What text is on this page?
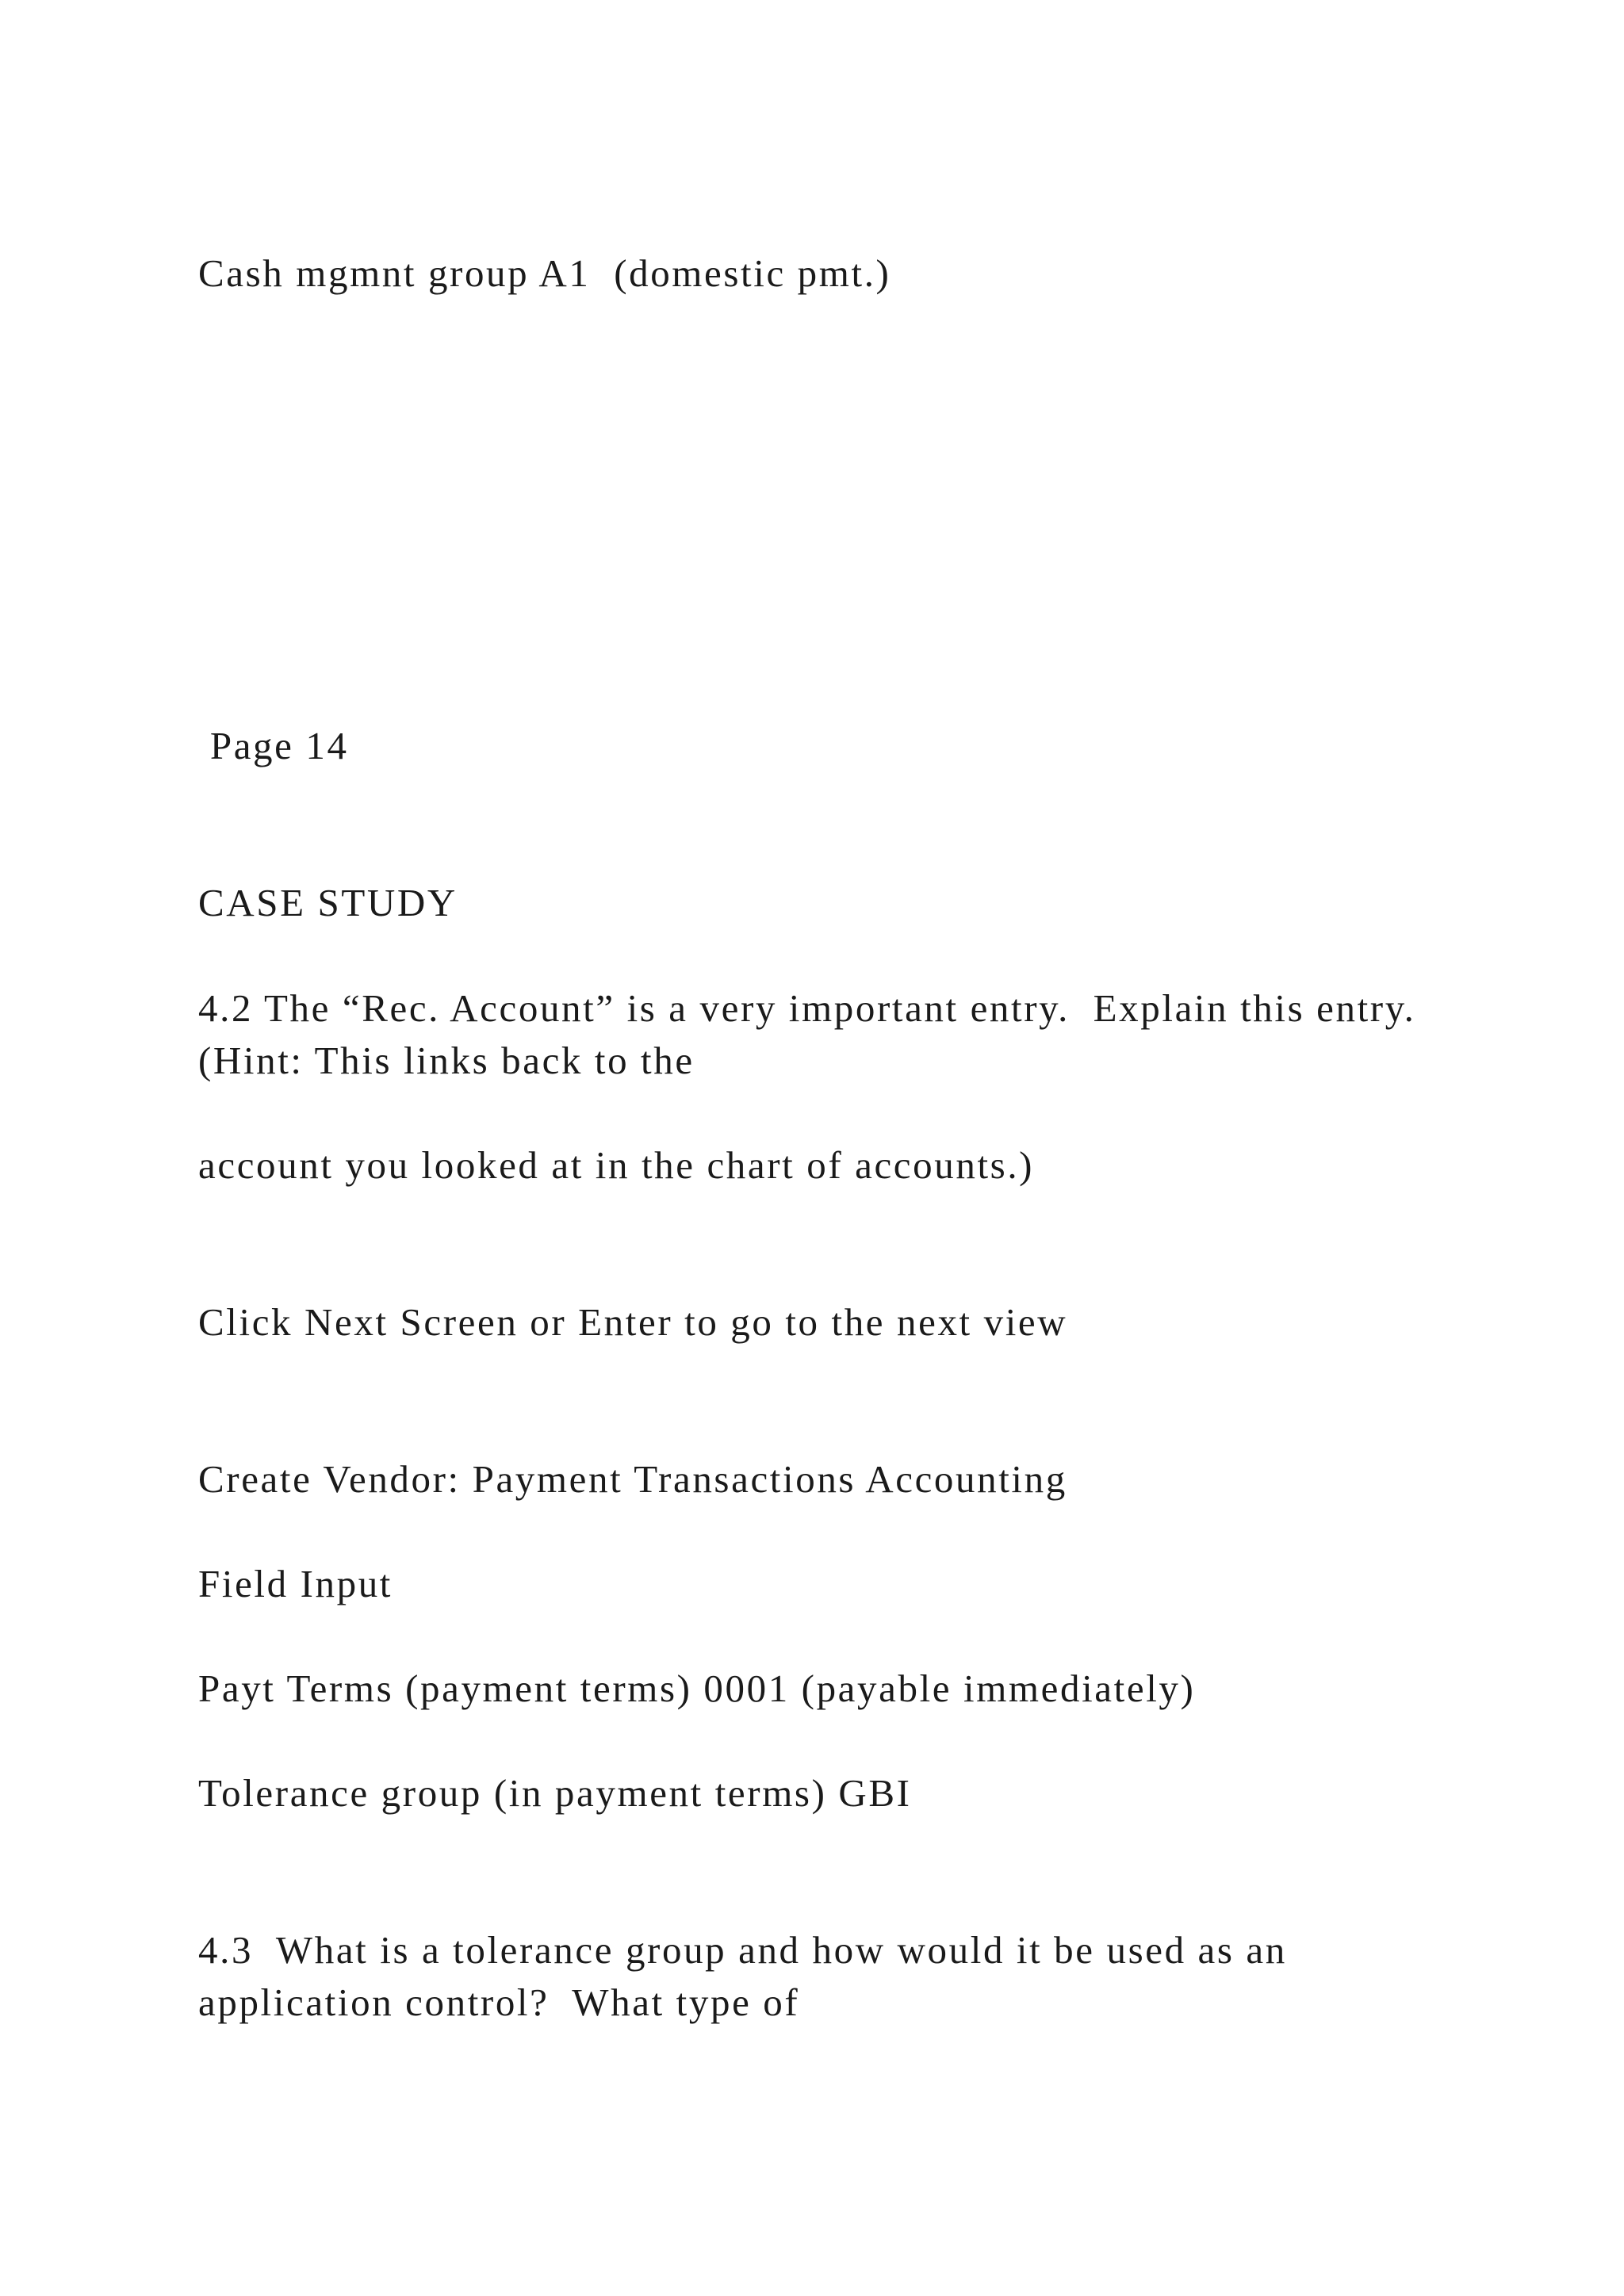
Cash mgmnt group A1  (domestic pmt.)

Page 14

CASE STUDY

4.2 The “Rec. Account” is a very important entry.  Explain this entry.  (Hint: This links back to the

account you looked at in the chart of accounts.)

Click Next Screen or Enter to go to the next view

Create Vendor: Payment Transactions Accounting

Field Input

Payt Terms (payment terms) 0001 (payable immediately)

Tolerance group (in payment terms) GBI

4.3  What is a tolerance group and how would it be used as an application control?  What type of
